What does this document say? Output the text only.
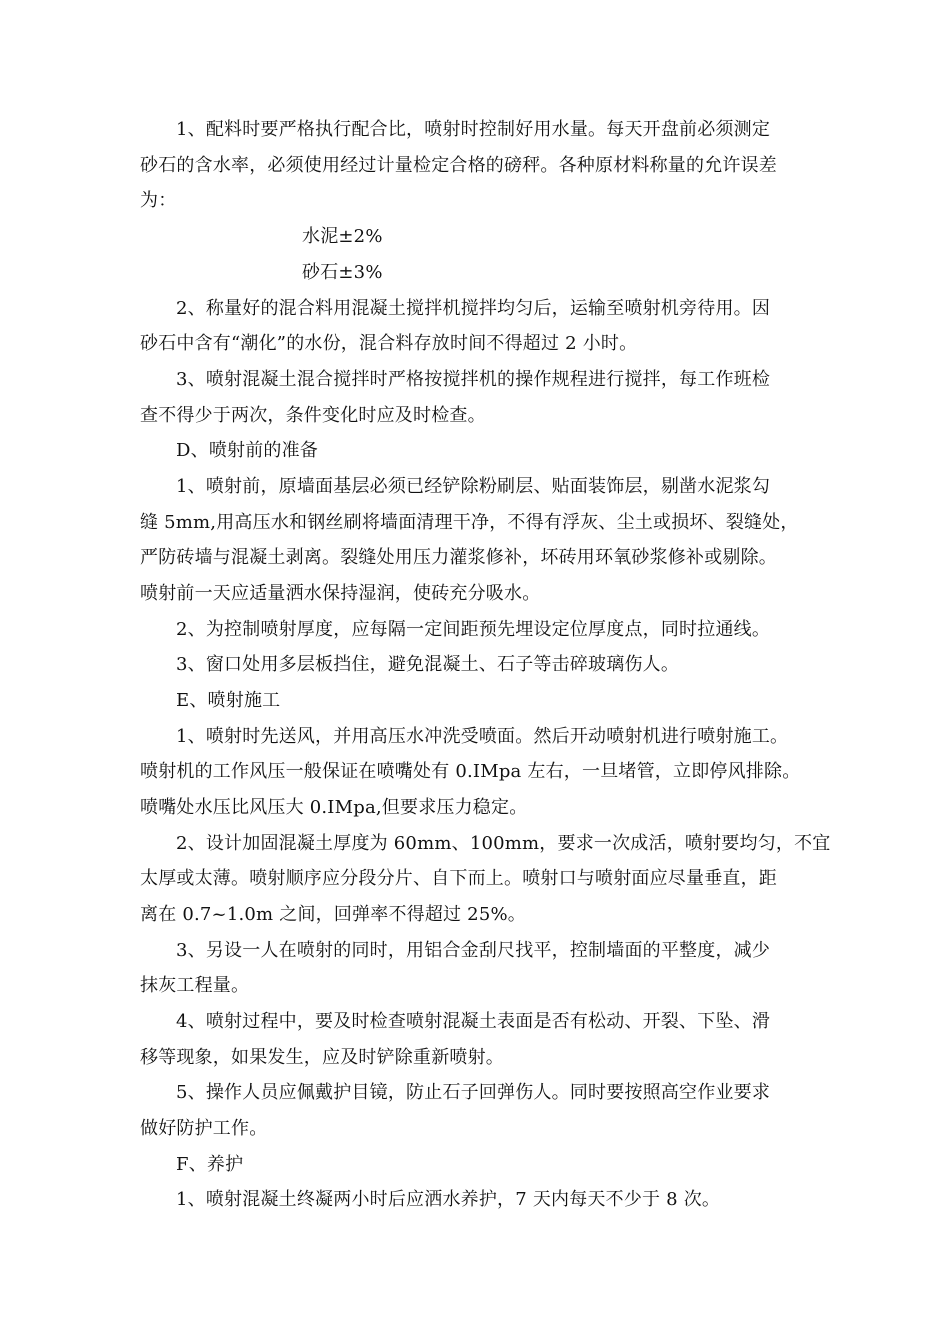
1、配料时要严格执行配合比，喷射时控制好用水量。每天开盘前必须测定
砂石的含水率，必须使用经过计量检定合格的磅秤。各种原材料称量的允许误差
为：
水泥±2%
砂石±3%
2、称量好的混合料用混凝土搅拌机搅拌均匀后，运输至喷射机旁待用。因
砂石中含有“潮化”的水份，混合料存放时间不得超过 2 小时。
3、喷射混凝土混合搅拌时严格按搅拌机的操作规程进行搅拌，每工作班检
查不得少于两次，条件变化时应及时检查。
D、喷射前的准备
1、喷射前，原墙面基层必须已经铲除粉刷层、贴面装饰层，剔凿水泥浆勾
缝 5mm,用高压水和钢丝刷将墙面清理干净，不得有浮灰、尘土或损坏、裂缝处，
严防砖墙与混凝土剥离。裂缝处用压力灌浆修补，坏砖用环氧砂浆修补或剔除。
喷射前一天应适量洒水保持湿润，使砖充分吸水。
2、为控制喷射厚度，应每隔一定间距预先埋设定位厚度点，同时拉通线。
3、窗口处用多层板挡住，避免混凝土、石子等击碎玻璃伤人。
E、喷射施工
1、喷射时先送风，并用高压水冲洗受喷面。然后开动喷射机进行喷射施工。
喷射机的工作风压一般保证在喷嘴处有 0.IMpa 左右，一旦堵管，立即停风排除。
喷嘴处水压比风压大 0.IMpa,但要求压力稳定。
2、设计加固混凝土厚度为 60mm、100mm，要求一次成活，喷射要均匀，不宜
太厚或太薄。喷射顺序应分段分片、自下而上。喷射口与喷射面应尽量垂直，距
离在 0.7~1.0m 之间，回弹率不得超过 25%。
3、另设一人在喷射的同时，用铝合金刮尺找平，控制墙面的平整度，减少
抹灰工程量。
4、喷射过程中，要及时检查喷射混凝土表面是否有松动、开裂、下坠、滑
移等现象，如果发生，应及时铲除重新喷射。
5、操作人员应佩戴护目镜，防止石子回弹伤人。同时要按照高空作业要求
做好防护工作。
F、养护
1、喷射混凝土终凝两小时后应洒水养护，7 天内每天不少于 8 次。
